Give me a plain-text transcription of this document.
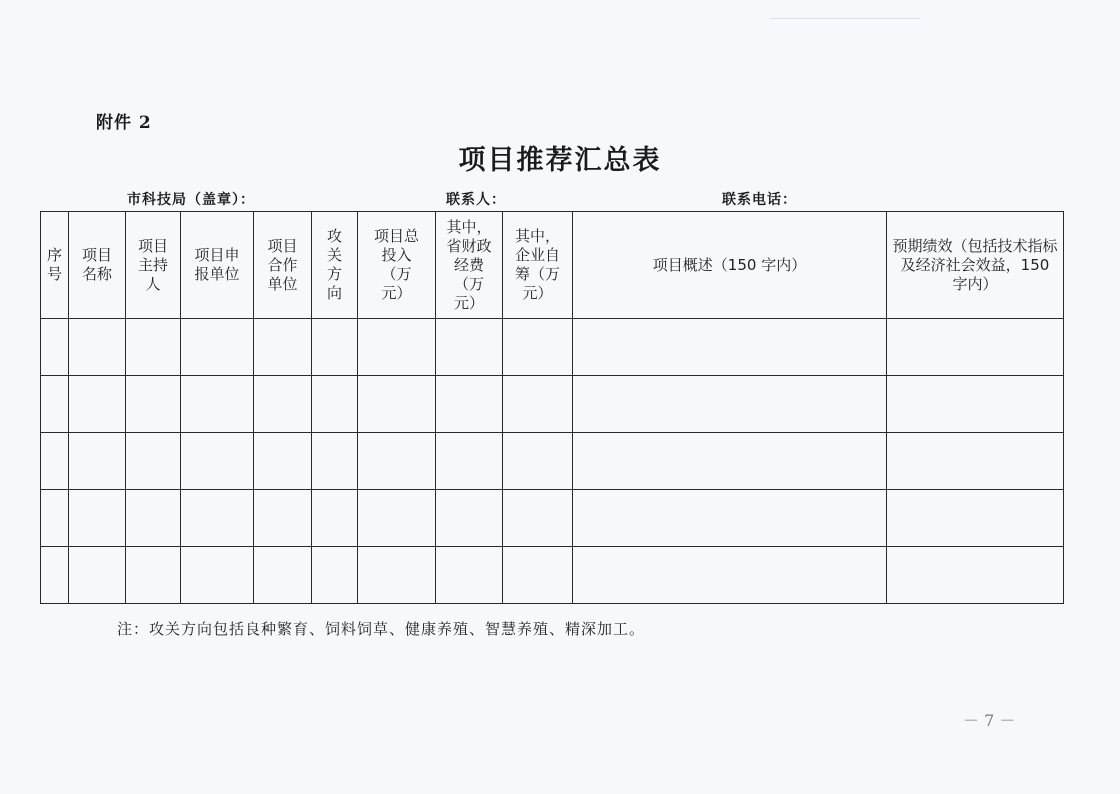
附件 2
项目推荐汇总表
市科技局（盖章）：	联系人：	联系电话：
序号	项目名称	项目主持人	项目申报单位	项目合作单位	攻关方向	项目总投入（万元）	其中，省财政经费（万元）	其中，企业自筹（万元）	项目概述（150 字内）	预期绩效（包括技术指标及经济社会效益，150 字内）

注：攻关方向包括良种繁育、饲料饲草、健康养殖、智慧养殖、精深加工。
－ 7 －
